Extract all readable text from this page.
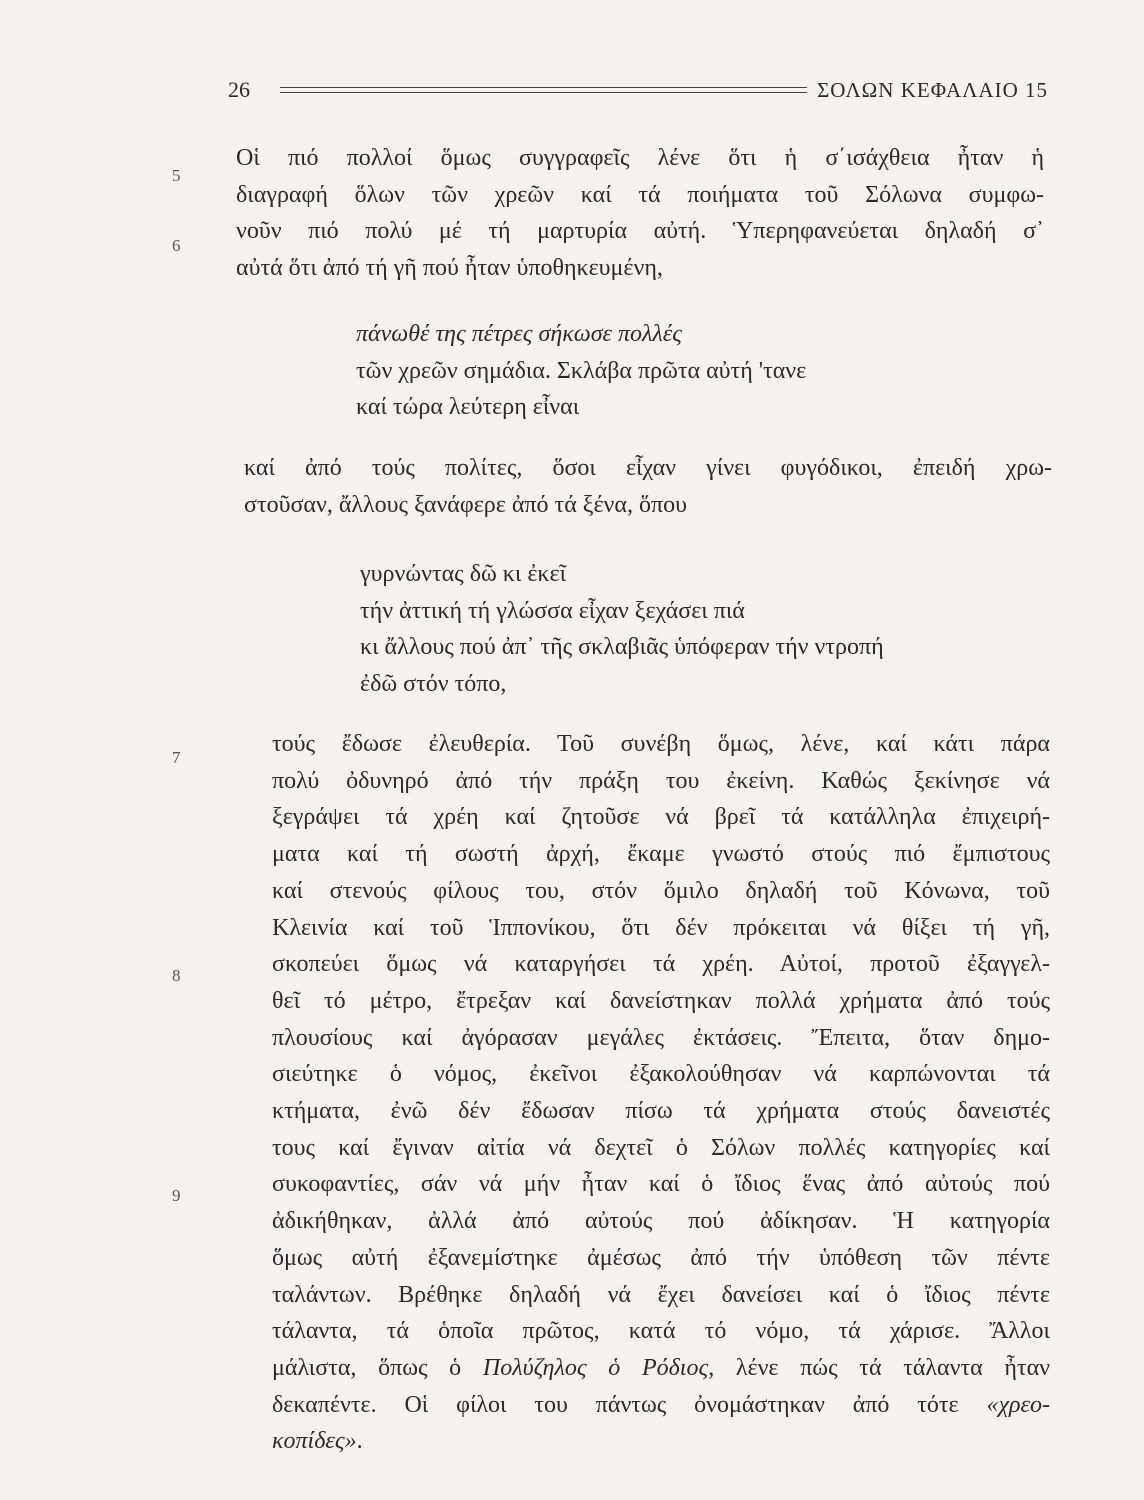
26	ΣΟΛΩΝ ΚΕΦΑΛΑΙΟ 15
5
6
7
8
9
Οἱ πιό πολλοί ὅμως συγγραφεῖς λένε ὅτι ἡ σ΄ισάχθεια ἦταν ἡ
διαγραφή ὅλων τῶν χρεῶν καί τά ποιήματα τοῦ Σόλωνα συμφω-
νοῦν πιό πολύ μέ τή μαρτυρία αὐτή. Ὑπερηφανεύεται δηλαδή σ᾿
αὐτά ὅτι ἀπό τή γῆ πού ἦταν ὑποθηκευμένη,
πάνωθέ της πέτρες σήκωσε πολλές
τῶν χρεῶν σημάδια. Σκλάβα πρῶτα αὐτή 'τανε
καί τώρα λεύτερη εἶναι
καί ἀπό τούς πολίτες, ὅσοι εἶχαν γίνει φυγόδικοι, ἐπειδή χρω-
στοῦσαν, ἄλλους ξανάφερε ἀπό τά ξένα, ὅπου
γυρνώντας δῶ κι ἐκεῖ
τήν ἀττική τή γλώσσα εἶχαν ξεχάσει πιά
κι ἄλλους πού ἀπ᾿ τῆς σκλαβιᾶς ὑπόφεραν τήν ντροπή
ἐδῶ στόν τόπο,
τούς ἔδωσε ἐλευθερία. Τοῦ συνέβη ὅμως, λένε, καί κάτι πάρα
πολύ ὀδυνηρό ἀπό τήν πράξη του ἐκείνη. Καθώς ξεκίνησε νά
ξεγράψει τά χρέη καί ζητοῦσε νά βρεῖ τά κατάλληλα ἐπιχειρή-
ματα καί τή σωστή ἀρχή, ἔκαμε γνωστό στούς πιό ἔμπιστους
καί στενούς φίλους του, στόν ὅμιλο δηλαδή τοῦ Κόνωνα, τοῦ
Κλεινία καί τοῦ Ἱππονίκου, ὅτι δέν πρόκειται νά θίξει τή γῆ,
σκοπεύει ὅμως νά καταργήσει τά χρέη. Αὐτοί, προτοῦ ἐξαγγελ-
θεῖ τό μέτρο, ἔτρεξαν καί δανείστηκαν πολλά χρήματα ἀπό τούς
πλουσίους καί ἀγόρασαν μεγάλες ἐκτάσεις. Ἔπειτα, ὅταν δημο-
σιεύτηκε ὁ νόμος, ἐκεῖνοι ἐξακολούθησαν νά καρπώνονται τά
κτήματα, ἐνῶ δέν ἔδωσαν πίσω τά χρήματα στούς δανειστές
τους καί ἔγιναν αἰτία νά δεχτεῖ ὁ Σόλων πολλές κατηγορίες καί
συκοφαντίες, σάν νά μήν ἦταν καί ὁ ἴδιος ἕνας ἀπό αὐτούς πού
ἀδικήθηκαν, ἀλλά ἀπό αὐτούς πού ἀδίκησαν. Ἡ κατηγορία
ὅμως αὐτή ἐξανεμίστηκε ἀμέσως ἀπό τήν ὑπόθεση τῶν πέντε
ταλάντων. Βρέθηκε δηλαδή νά ἔχει δανείσει καί ὁ ἴδιος πέντε
τάλαντα, τά ὁποῖα πρῶτος, κατά τό νόμο, τά χάρισε. Ἄλλοι
μάλιστα, ὅπως ὁ Πολύζηλος ὁ Ρόδιος, λένε πώς τά τάλαντα ἦταν
δεκαπέντε. Οἱ φίλοι του πάντως ὀνομάστηκαν ἀπό τότε «χρεο-
κοπίδες».
